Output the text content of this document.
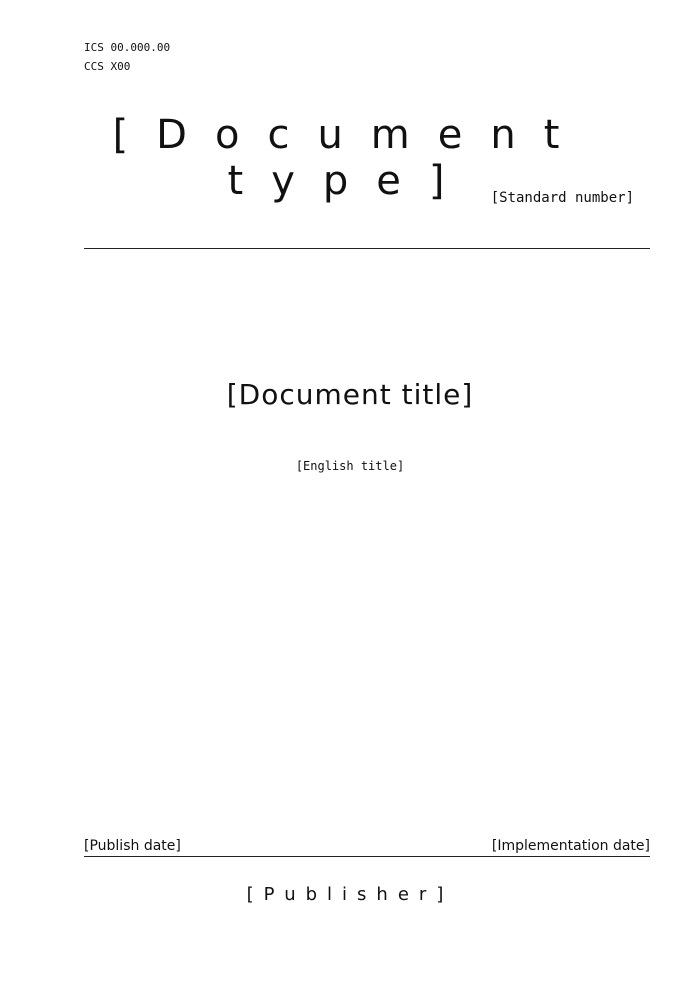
ICS 00.000.00
CCS X00
[Document type]	[Standard number]
[Document title]
[English title]
[Publish date]	[Implementation date]
[Publisher]
